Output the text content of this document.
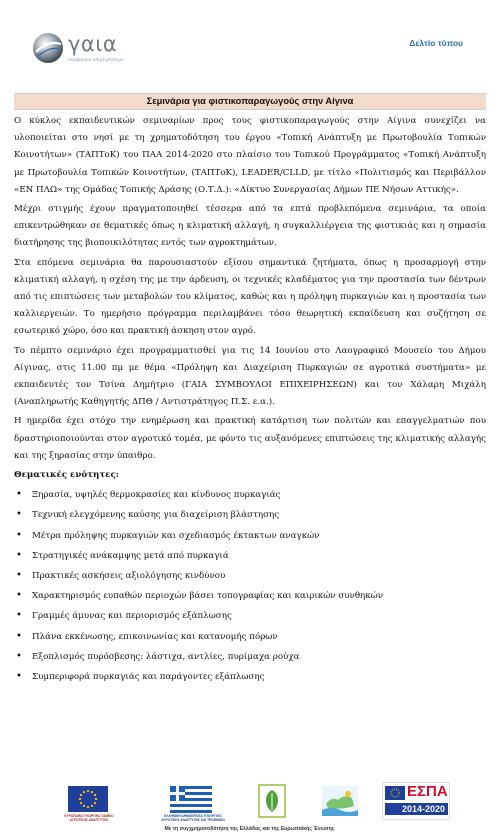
γαια
σύμβουλοι επιχειρήσεων
Δελτίο τύπου
Σεμινάρια για φιστικοπαραγωγούς στην Αίγινα

Ο κύκλος εκπαιδευτικών σεμιναρίων προς τους φιστικοπαραγωγούς στην Αίγινα συνεχίζει να υλοποιείται στο νησί με τη χρηματοδότηση του έργου «Τοπική Ανάπτυξη με Πρωτοβουλία Τοπικών Κοινοτήτων» (ΤΑΠΤοΚ) του ΠΑΑ 2014-2020 στο πλαίσιο του Τοπικού Προγράμματος «Τοπική Ανάπτυξη με Πρωτοβουλία Τοπικών Κοινοτήτων, (ΤΑΠΤοΚ), LEADER/CLLD, με τίτλο «Πολιτισμός και Περιβάλλον «ΕΝ ΠΛΩ» της Ομάδας Τοπικής Δράσης (Ο.Τ.Δ.): «Δίκτυο Συνεργασίας Δήμων ΠΕ Νήσων Αττικής».

Μέχρι στιγμής έχουν πραγματοποιηθεί τέσσερα από τα επτά προβλεπόμενα σεμινάρια, τα οποία επικεντρώθηκαν σε θεματικές όπως η κλιματική αλλαγή, η συγκαλλιέργεια της φιστικιάς και η σημασία διατήρησης της βιοποικιλότητας εντός των αγροκτημάτων.

Στα επόμενα σεμινάρια θα παρουσιαστούν εξίσου σημαντικά ζητήματα, όπως η προσαρμογή στην κλιματική αλλαγή, η σχέση της με την άρδευση, οι τεχνικές κλαδέματος για την προστασία των δέντρων από τις επιπτώσεις των μεταβολών του κλίματος, καθώς και η πρόληψη πυρκαγιών και η προστασία των καλλιεργειών. Το ημερήσιο πρόγραμμα περιλαμβάνει τόσο θεωρητική εκπαίδευση και συζήτηση σε εσωτερικό χώρο, όσο και πρακτική άσκηση στον αγρό.

Το πέμπτο σεμινάριο έχει προγραμματισθεί για τις 14 Ιουνίου στο Λαογραφικό Μουσείο του Δήμου Αίγινας, στις 11.00 πμ με θέμα «Πρόληψη και Διαχείριση Πυρκαγιών σε αγροτικά συστήματα» με εκπαιδευτές τον Τσίνα Δημήτριο (ΓΑΙΑ ΣΥΜΒΟΥΛΟΙ ΕΠΙΧΕΙΡΗΣΕΩΝ) και τον Χάλαρη Μιχάλη (Αναπληρωτής Καθηγητής ΔΠΘ / Αντιστράτηγος Π.Σ. ε.α.).

Η ημερίδα έχει στόχο την ενημέρωση και πρακτική κατάρτιση των πολιτών και επαγγελματιών που δραστηριοποιούνται στον αγροτικό τομέα, με φόντο τις αυξανόμενες επιπτώσεις της κλιματικής αλλαγής και της ξηρασίας στην ύπαιθρο.

Θεματικές ενότητες:
• Ξηρασία, υψηλές θερμοκρασίες και κίνδυνος πυρκαγιάς
• Τεχνική ελεγχόμενης καύσης για διαχείριση βλάστησης
• Μέτρα πρόληψης πυρκαγιών και σχεδιασμός έκτακτων αναγκών
• Στρατηγικές ανάκαμψης μετά από πυρκαγιά
• Πρακτικές ασκήσεις αξιολόγησης κινδύνου
• Χαρακτηρισμός ευπαθών περιοχών βάσει τοπογραφίας και καιρικών συνθηκών
• Γραμμές άμυνας και περιορισμός εξάπλωσης
• Πλάνα εκκένωσης, επικοινωνίας και κατανομής πόρων
• Εξοπλισμός πυρόσβεσης: λάστιχα, αντλίες, πυρίμαχα ρούχα
• Συμπεριφορά πυρκαγιάς και παράγοντες εξάπλωσης
ΕΥΡΩΠΑΪΚΟ ΓΕΩΡΓΙΚΟ ΤΑΜΕΙΟ ΑΓΡΟΤΙΚΗΣ ΑΝΑΠΤΥΞΗΣ
ΕΛΛΗΝΙΚΗ ΔΗΜΟΚΡΑΤΙΑ ΥΠΟΥΡΓΕΙΟ ΑΓΡΟΤΙΚΗΣ ΑΝΑΠΤΥΞΗΣ ΚΑΙ ΤΡΟΦΙΜΩΝ
ΕΣΠΑ
2014-2020
Με τη συγχρηματοδότηση της Ελλάδας και της Ευρωπαϊκής Ένωσης
